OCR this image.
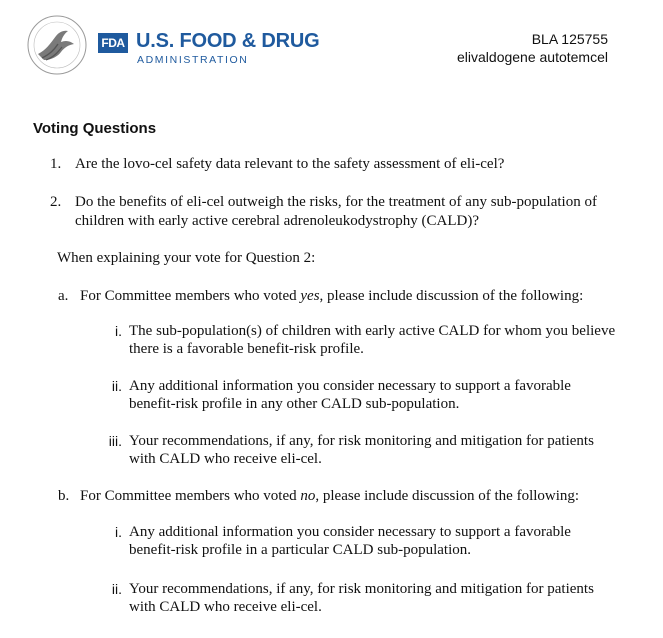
FDA U.S. FOOD & DRUG
ADMINISTRATION
BLA 125755
elivaldogene autotemcel
Voting Questions
1. Are the lovo-cel safety data relevant to the safety assessment of eli-cel?
2. Do the benefits of eli-cel outweigh the risks, for the treatment of any sub-population of
children with early active cerebral adrenoleukodystrophy (CALD)?
When explaining your vote for Question 2:
a. For Committee members who voted yes, please include discussion of the following:
i. The sub-population(s) of children with early active CALD for whom you believe
there is a favorable benefit-risk profile.
ii. Any additional information you consider necessary to support a favorable
benefit-risk profile in any other CALD sub-population.
iii. Your recommendations, if any, for risk monitoring and mitigation for patients
with CALD who receive eli-cel.
b. For Committee members who voted no, please include discussion of the following:
i. Any additional information you consider necessary to support a favorable
benefit-risk profile in a particular CALD sub-population.
ii. Your recommendations, if any, for risk monitoring and mitigation for patients
with CALD who receive eli-cel.
